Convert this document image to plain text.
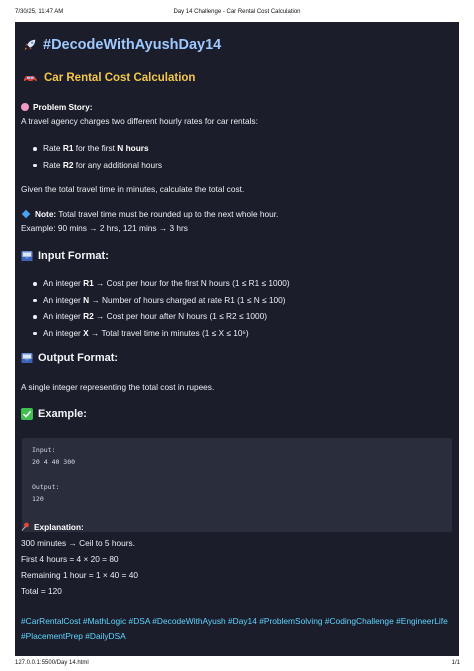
7/30/25, 11:47 AM	Day 14 Challenge - Car Rental Cost Calculation
#DecodeWithAyushDay14
Car Rental Cost Calculation
Problem Story:
A travel agency charges two different hourly rates for car rentals:
Rate R1 for the first N hours
Rate R2 for any additional hours
Given the total travel time in minutes, calculate the total cost.
Note: Total travel time must be rounded up to the next whole hour.
Example: 90 mins → 2 hrs, 121 mins → 3 hrs
Input Format:
An integer R1 → Cost per hour for the first N hours (1 ≤ R1 ≤ 1000)
An integer N → Number of hours charged at rate R1 (1 ≤ N ≤ 100)
An integer R2 → Cost per hour after N hours (1 ≤ R2 ≤ 1000)
An integer X → Total travel time in minutes (1 ≤ X ≤ 10⁶)
Output Format:
A single integer representing the total cost in rupees.
Example:
Input:
20 4 40 300
Output:
120
Explanation:
300 minutes → Ceil to 5 hours.
First 4 hours = 4 × 20 = 80
Remaining 1 hour = 1 × 40 = 40
Total = 120
#CarRentalCost #MathLogic #DSA #DecodeWithAyush #Day14 #ProblemSolving #CodingChallenge #EngineerLife #PlacementPrep #DailyDSA
127.0.0.1:5500/Day 14.html	1/1
